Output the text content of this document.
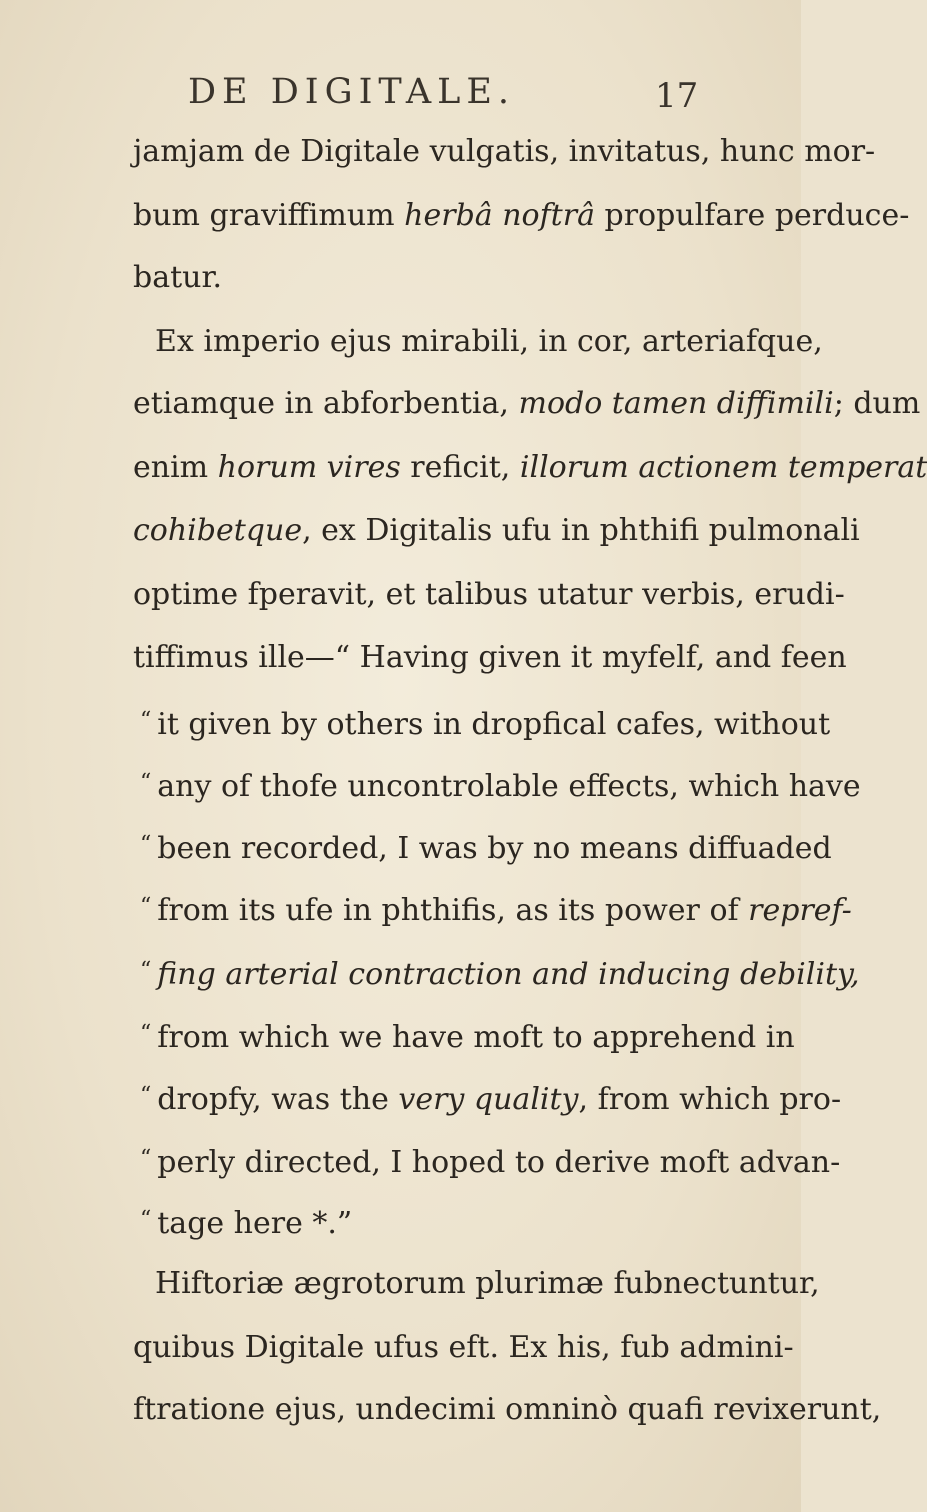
DE DIGITALE.	17
jamjam de Digitale vulgatis, invitatus, hunc mor-
bum graviffimum herbâ noftrâ propulfare perduce-
batur.
Ex imperio ejus mirabili, in cor, arteriafque,
etiamque in abforbentia, modo tamen diffimili; dum
enim horum vires reficit, illorum actionem temperat
cohibetque, ex Digitalis ufu in phthifi pulmonali
optime fperavit, et talibus utatur verbis, erudi-
tiffimus ille—“ Having given it myfelf, and feen
“ it given by others in dropfical cafes, without
“ any of thofe uncontrolable effects, which have
“ been recorded, I was by no means diffuaded
“ from its ufe in phthifis, as its power of repref-
“ fing arterial contraction and inducing debility,
“ from which we have moft to apprehend in
“ dropfy, was the very quality, from which pro-
“ perly directed, I hoped to derive moft advan-
“ tage here *.”
Hiftoriæ ægrotorum plurimæ fubnectuntur,
quibus Digitale ufus eft. Ex his, fub admini-
ftratione ejus, undecimi omninò quafi revixerunt,
